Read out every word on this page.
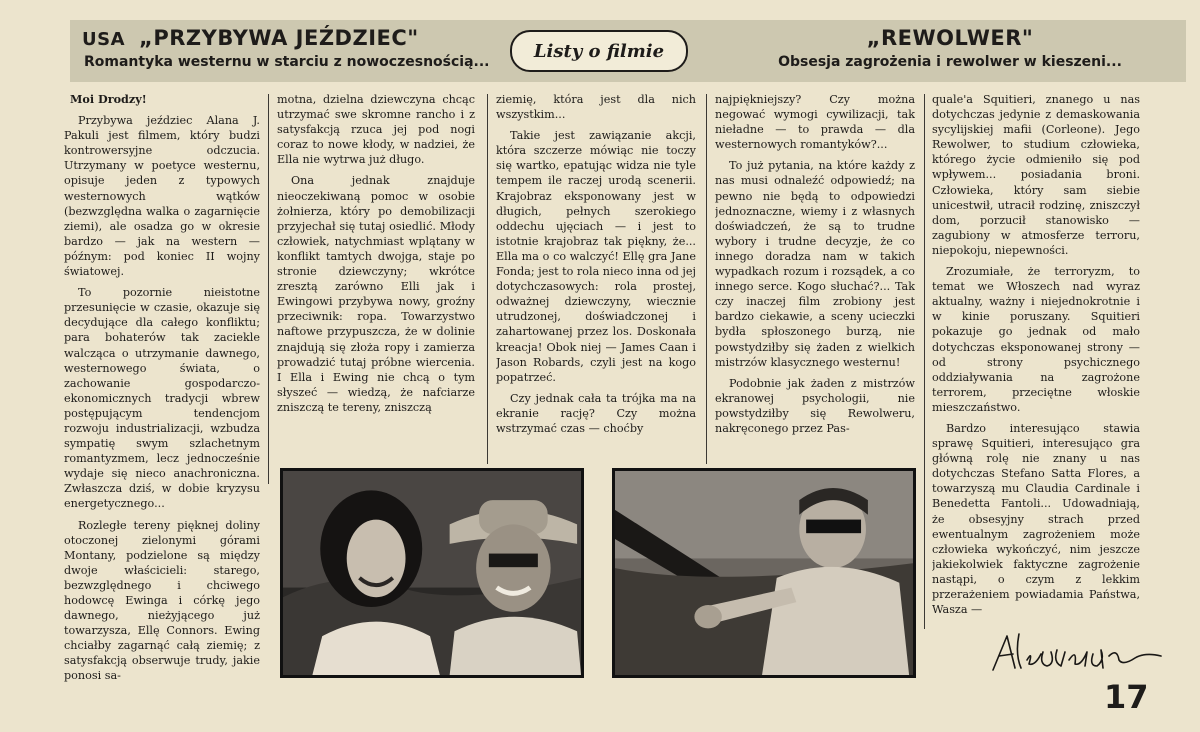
USA „PRZYBYWA JEŹDZIEC"
Romantyka westernu w starciu z nowoczesnością...
Listy o filmie
„REWOLWER"
Obsesja zagrożenia i rewolwer w kieszeni...

Moi Drodzy!

Przybywa jeździec Alana J. Pakuli jest filmem, który budzi kontrowersyjne odczucia. Utrzymany w poetyce westernu, opisuje jeden z typowych westernowych wątków (bezwzględna walka o zagarnięcie ziemi), ale osadza go w okresie bardzo — jak na western — późnym: pod koniec II wojny światowej.

To pozornie nieistotne przesunięcie w czasie, okazuje się decydujące dla całego konfliktu; para bohaterów tak zaciekle walcząca o utrzymanie dawnego, westernowego świata, o zachowanie gospodarczo-ekonomicznych tradycji wbrew postępującym tendencjom rozwoju industrializacji, wzbudza sympatię swym szlachetnym romantyzmem, lecz jednocześnie wydaje się nieco anachroniczna. Zwłaszcza dziś, w dobie kryzysu energetycznego...

Rozległe tereny pięknej doliny otoczonej zielonymi górami Montany, podzielone są między dwoje właścicieli: starego, bezwzględnego i chciwego hodowcę Ewinga i córkę jego dawnego, nieżyjącego już towarzysza, Ellę Connors. Ewing chciałby zagarnąć całą ziemię; z satysfakcją obserwuje trudy, jakie ponosi sa-

motna, dzielna dziewczyna chcąc utrzymać swe skromne rancho i z satysfakcją rzuca jej pod nogi coraz to nowe kłody, w nadziei, że Ella nie wytrwa już długo.

Ona jednak znajduje nieoczekiwaną pomoc w osobie żołnierza, który po demobilizacji przyjechał się tutaj osiedlić. Młody człowiek, natychmiast wplątany w konflikt tamtych dwojga, staje po stronie dziewczyny; wkrótce zresztą zarówno Elli jak i Ewingowi przybywa nowy, groźny przeciwnik: ropa. Towarzystwo naftowe przypuszcza, że w dolinie znajdują się złoża ropy i zamierza prowadzić tutaj próbne wiercenia. I Ella i Ewing nie chcą o tym słyszeć — wiedzą, że nafciarze zniszczą te tereny, zniszczą

ziemię, która jest dla nich wszystkim...

Takie jest zawiązanie akcji, która szczerze mówiąc nie toczy się wartko, epatując widza nie tyle tempem ile raczej urodą scenerii. Krajobraz eksponowany jest w długich, pełnych szerokiego oddechu ujęciach — i jest to istotnie krajobraz tak piękny, że... Ella ma o co walczyć! Ellę gra Jane Fonda; jest to rola nieco inna od jej dotychczasowych: rola prostej, odważnej dziewczyny, wiecznie utrudzonej, doświadczonej i zahartowanej przez los. Doskonała kreacja! Obok niej — James Caan i Jason Robards, czyli jest na kogo popatrzeć.

Czy jednak cała ta trójka ma na ekranie rację? Czy można wstrzymać czas — choćby

najpiękniejszy? Czy można negować wymogi cywilizacji, tak nieładne — to prawda — dla westernowych romantyków?...

To już pytania, na które każdy z nas musi odnaleźć odpowiedź; na pewno nie będą to odpowiedzi jednoznaczne, wiemy i z własnych doświadczeń, że są to trudne wybory i trudne decyzje, że co innego doradza nam w takich wypadkach rozum i rozsądek, a co innego serce. Kogo słuchać?... Tak czy inaczej film zrobiony jest bardzo ciekawie, a sceny ucieczki bydła spłoszonego burzą, nie powstydziłby się żaden z wielkich mistrzów klasycznego westernu!

Podobnie jak żaden z mistrzów ekranowej psychologii, nie powstydziłby się Rewolweru, nakręconego przez Pas-

quale'a Squitieri, znanego u nas dotychczas jedynie z demaskowania sycylijskiej mafii (Corleone). Jego Rewolwer, to studium człowieka, którego życie odmieniło się pod wpływem... posiadania broni. Człowieka, który sam siebie unicestwił, utracił rodzinę, zniszczył dom, porzucił stanowisko — zagubiony w atmosferze terroru, niepokoju, niepewności.

Zrozumiałe, że terroryzm, to temat we Włoszech nad wyraz aktualny, ważny i niejednokrotnie i w kinie poruszany. Squitieri pokazuje go jednak od mało dotychczas eksponowanej strony — od strony psychicznego oddziaływania na zagrożone terrorem, przeciętne włoskie mieszczaństwo.

Bardzo interesująco stawia sprawę Squitieri, interesująco gra główną rolę nie znany u nas dotychczas Stefano Satta Flores, a towarzyszą mu Claudia Cardinale i Benedetta Fantoli... Udowadniają, że obsesyjny strach przed ewentualnym zagrożeniem może człowieka wykończyć, nim jeszcze jakiekolwiek faktyczne zagrożenie nastąpi, o czym z lekkim przerażeniem powiadamia Państwa, Wasza —

17
